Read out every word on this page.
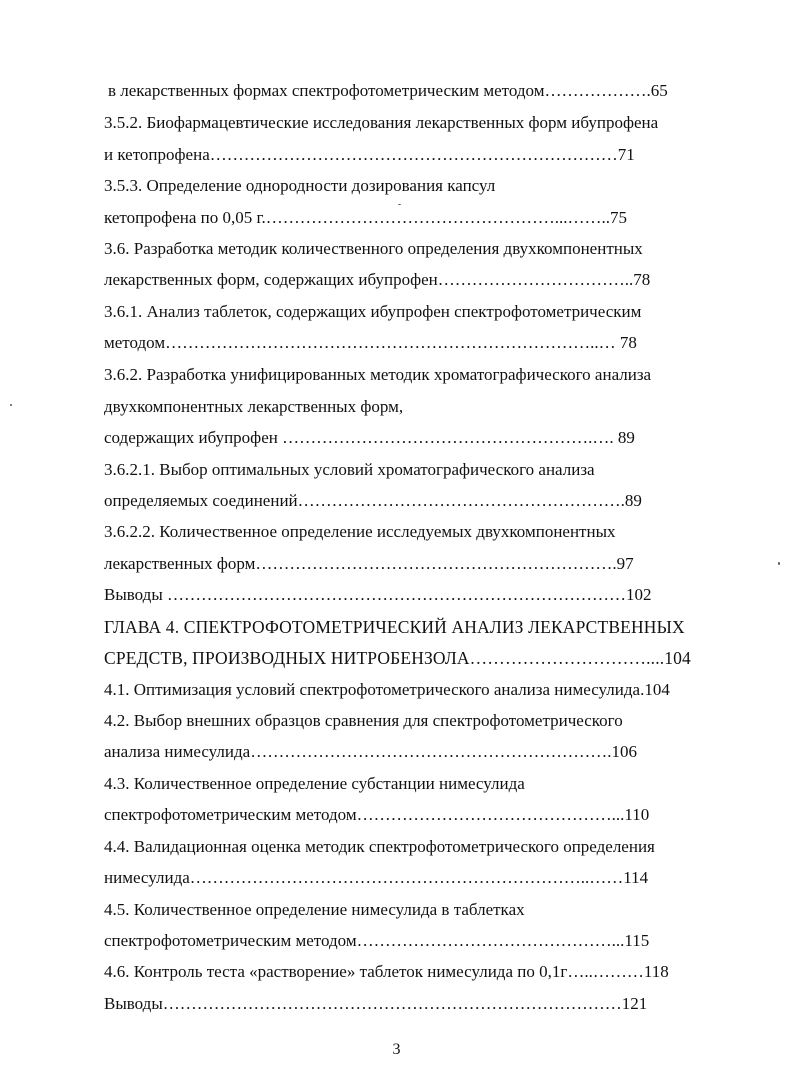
в лекарственных формах спектрофотометрическим методом……………….65
3.5.2. Биофармацевтические исследования лекарственных форм ибупрофена
и кетопрофена………………………………………………………………71
3.5.3. Определение однородности дозирования капсул
кетопрофена по 0,05 г.……………………………………………...……..75
3.6. Разработка методик количественного определения двухкомпонентных
лекарственных форм, содержащих ибупрофен……………………………..78
3.6.1. Анализ таблеток, содержащих ибупрофен спектрофотометрическим
методом…………………………………………………………………..… 78
3.6.2. Разработка унифицированных методик хроматографического анализа
двухкомпонентных лекарственных форм,
содержащих ибупрофен ……………………………………………….…. 89
3.6.2.1. Выбор оптимальных условий хроматографического анализа
определяемых соединений………………………………………………….89
3.6.2.2. Количественное определение исследуемых двухкомпонентных
лекарственных форм……………………………………………………….97
Выводы ………………………………………………………………………102
ГЛАВА 4. СПЕКТРОФОТОМЕТРИЧЕСКИЙ АНАЛИЗ ЛЕКАРСТВЕННЫХ
СРЕДСТВ, ПРОИЗВОДНЫХ НИТРОБЕНЗОЛА…………………………....104
4.1. Оптимизация условий спектрофотометрического анализа нимесулида.104
4.2. Выбор внешних образцов сравнения для спектрофотометрического
анализа нимесулида……………………………………………………….106
4.3. Количественное определение субстанции нимесулида
спектрофотометрическим методом………………………………………...110
4.4. Валидационная оценка методик спектрофотометрического определения
нимесулида……………………………………………………………..……114
4.5. Количественное определение нимесулида в таблетках
спектрофотометрическим методом………………………………………...115
4.6. Контроль теста «растворение» таблеток нимесулида по 0,1г…..………118
Выводы………………………………………………………………………121
3
